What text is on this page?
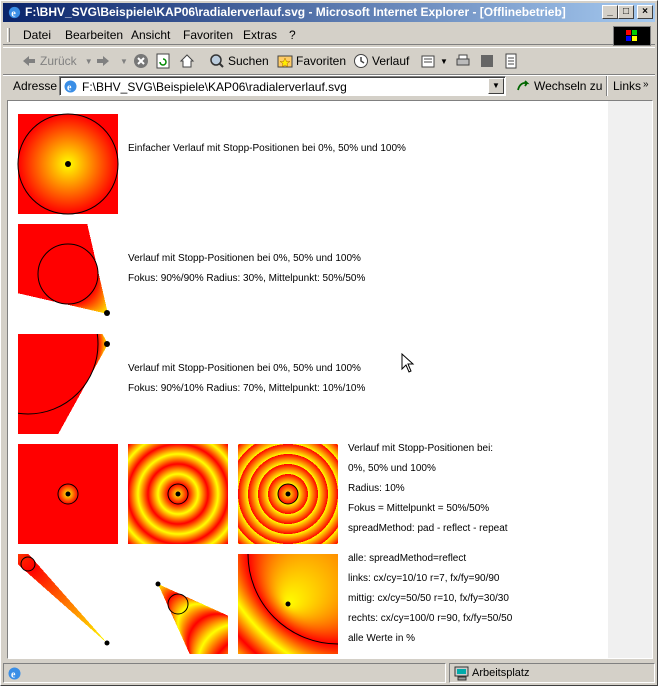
e F:\BHV_SVG\Beispiele\KAP06\radialerverlauf.svg - Microsoft Internet Explorer - [Offlinebetrieb]	_	□	×
Datei Bearbeiten Ansicht Favoriten Extras ?
Zurück ▼	▼	Suchen Favoriten Verlauf	▼
Adresse e F:\BHV_SVG\Beispiele\KAP06\radialerverlauf.svg	▼	Wechseln zu Links »
Einfacher Verlauf mit Stopp-Positionen bei 0%, 50% und 100%
Verlauf mit Stopp-Positionen bei 0%, 50% und 100%
Fokus: 90%/90% Radius: 30%, Mittelpunkt: 50%/50%
Verlauf mit Stopp-Positionen bei 0%, 50% und 100%
Fokus: 90%/10% Radius: 70%, Mittelpunkt: 10%/10%
Verlauf mit Stopp-Positionen bei:
0%, 50% und 100%
Radius: 10%
Fokus = Mittelpunkt = 50%/50%
spreadMethod: pad - reflect - repeat
alle: spreadMethod=reflect
links: cx/cy=10/10 r=7, fx/fy=90/90
mittig: cx/cy=50/50 r=10, fx/fy=30/30
rechts: cx/cy=100/0 r=90, fx/fy=50/50
alle Werte in %
e	Arbeitsplatz
